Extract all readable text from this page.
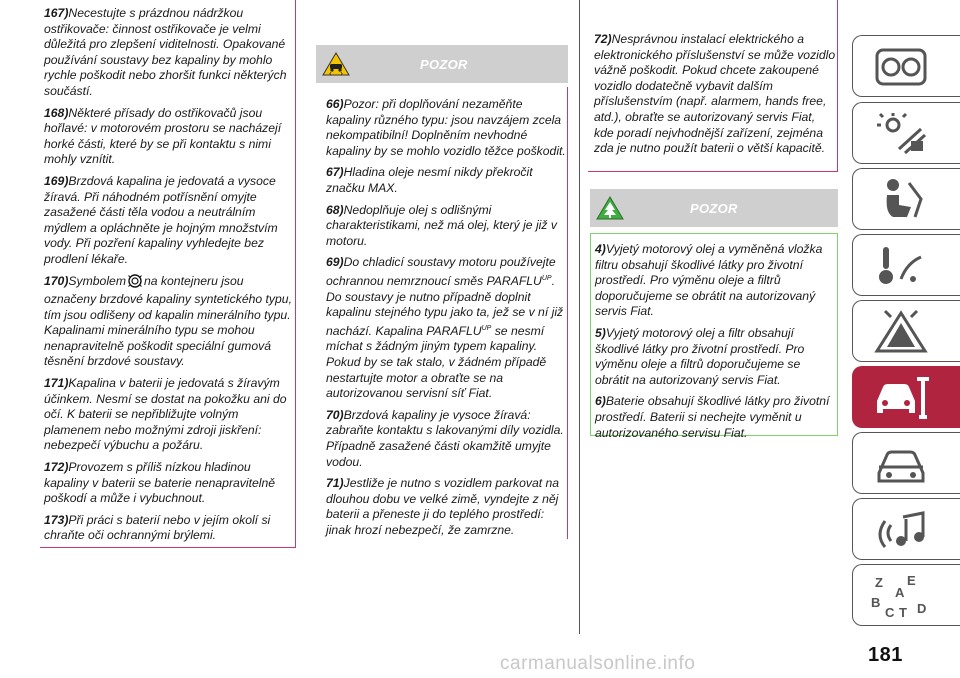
167)Necestujte s prázdnou nádržkou ostřikovače: činnost ostřikovače je velmi důležitá pro zlepšení viditelnosti. Opakované používání soustavy bez kapaliny by mohlo rychle poškodit nebo zhoršit funkci některých součástí.

168)Některé přísady do ostřikovačů jsou hořlavé: v motorovém prostoru se nacházejí horké části, které by se při kontaktu s nimi mohly vznítit.

169)Brzdová kapalina je jedovatá a vysoce žíravá. Při náhodném potřísnění omyjte zasažené části těla vodou a neutrálním mýdlem a opláchněte je hojným množstvím vody. Při pozření kapaliny vyhledejte bez prodlení lékaře.

170)Symbolem na kontejneru jsou označeny brzdové kapaliny syntetického typu, tím jsou odlišeny od kapalin minerálního typu. Kapalinami minerálního typu se mohou nenapravitelně poškodit speciální gumová těsnění brzdové soustavy.

171)Kapalina v baterii je jedovatá s žíravým účinkem. Nesmí se dostat na pokožku ani do očí. K baterii se nepřibližujte volným plamenem nebo možnými zdroji jiskření: nebezpečí výbuchu a požáru.

172)Provozem s příliš nízkou hladinou kapaliny v baterii se baterie nenapravitelně poškodí a může i vybuchnout.

173)Při práci s baterií nebo v jejím okolí si chraňte oči ochrannými brýlemi.

POZOR

66)Pozor: při doplňování nezaměňte kapaliny různého typu: jsou navzájem zcela nekompatibilní! Doplněním nevhodné kapaliny by se mohlo vozidlo těžce poškodit.

67)Hladina oleje nesmí nikdy překročit značku MAX.

68)Nedoplňuje olej s odlišnými charakteristikami, než má olej, který je již v motoru.

69)Do chladicí soustavy motoru používejte ochrannou nemrznoucí směs $PARAFLU^{UP}$. Do soustavy je nutno případně doplnit kapalinu stejného typu jako ta, jež se v ní již nachází. Kapalina $PARAFLU^{UP}$ se nesmí míchat s žádným jiným typem kapaliny. Pokud by se tak stalo, v žádném případě nestartujte motor a obraťte se na autorizovanou servisní síť Fiat.

70)Brzdová kapaliny je vysoce žíravá: zabraňte kontaktu s lakovanými díly vozidla. Případně zasažené části okamžitě umyjte vodou.

71)Jestliže je nutno s vozidlem parkovat na dlouhou dobu ve velké zimě, vyndejte z něj baterii a přeneste ji do teplého prostředí: jinak hrozí nebezpečí, že zamrzne.

72)Nesprávnou instalací elektrického a elektronického příslušenství se může vozidlo vážně poškodit. Pokud chcete zakoupené vozidlo dodatečně vybavit dalším příslušenstvím (např. alarmem, hands free, atd.), obraťte se autorizovaný servis Fiat, kde poradí nejvhodnější zařízení, zejména zda je nutno použít baterii o větší kapacitě.

POZOR

4)Vyjetý motorový olej a vyměněná vložka filtru obsahují škodlivé látky pro životní prostředí. Pro výměnu oleje a filtrů doporučujeme se obrátit na autorizovaný servis Fiat.

5)Vyjetý motorový olej a filtr obsahují škodlivé látky pro životní prostředí. Pro výměnu oleje a filtrů doporučujeme se obrátit na autorizovaný servis Fiat.

6)Baterie obsahují škodlivé látky pro životní prostředí. Baterii si nechejte vyměnit u autorizovaného servisu Fiat.

Z E
A
B
C T D
carmanualsonline.info	181
